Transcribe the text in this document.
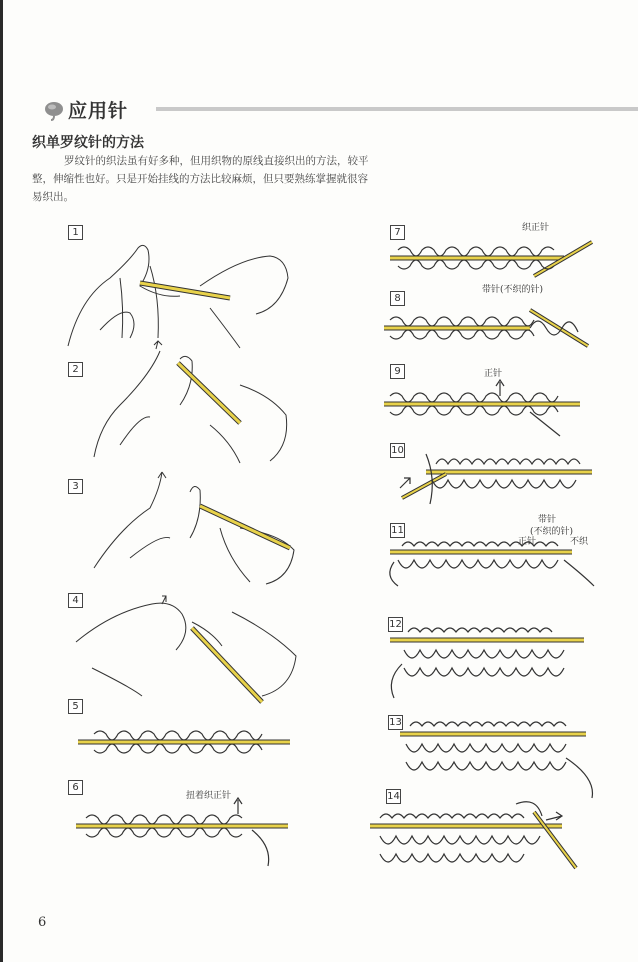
应用针
织单罗纹针的方法
罗纹针的织法虽有好多种，但用织物的原线直接织出的方法，较平整，伸缩性也好。只是开始挂线的方法比较麻烦，但只要熟练掌握就很容易织出。
1
2
3
4
5
6
扭着织正针
7	织正针
8
带针(不织的针)
9	正针
10
11
带针
(不织的针)
正针	不织
12
13
14
6
